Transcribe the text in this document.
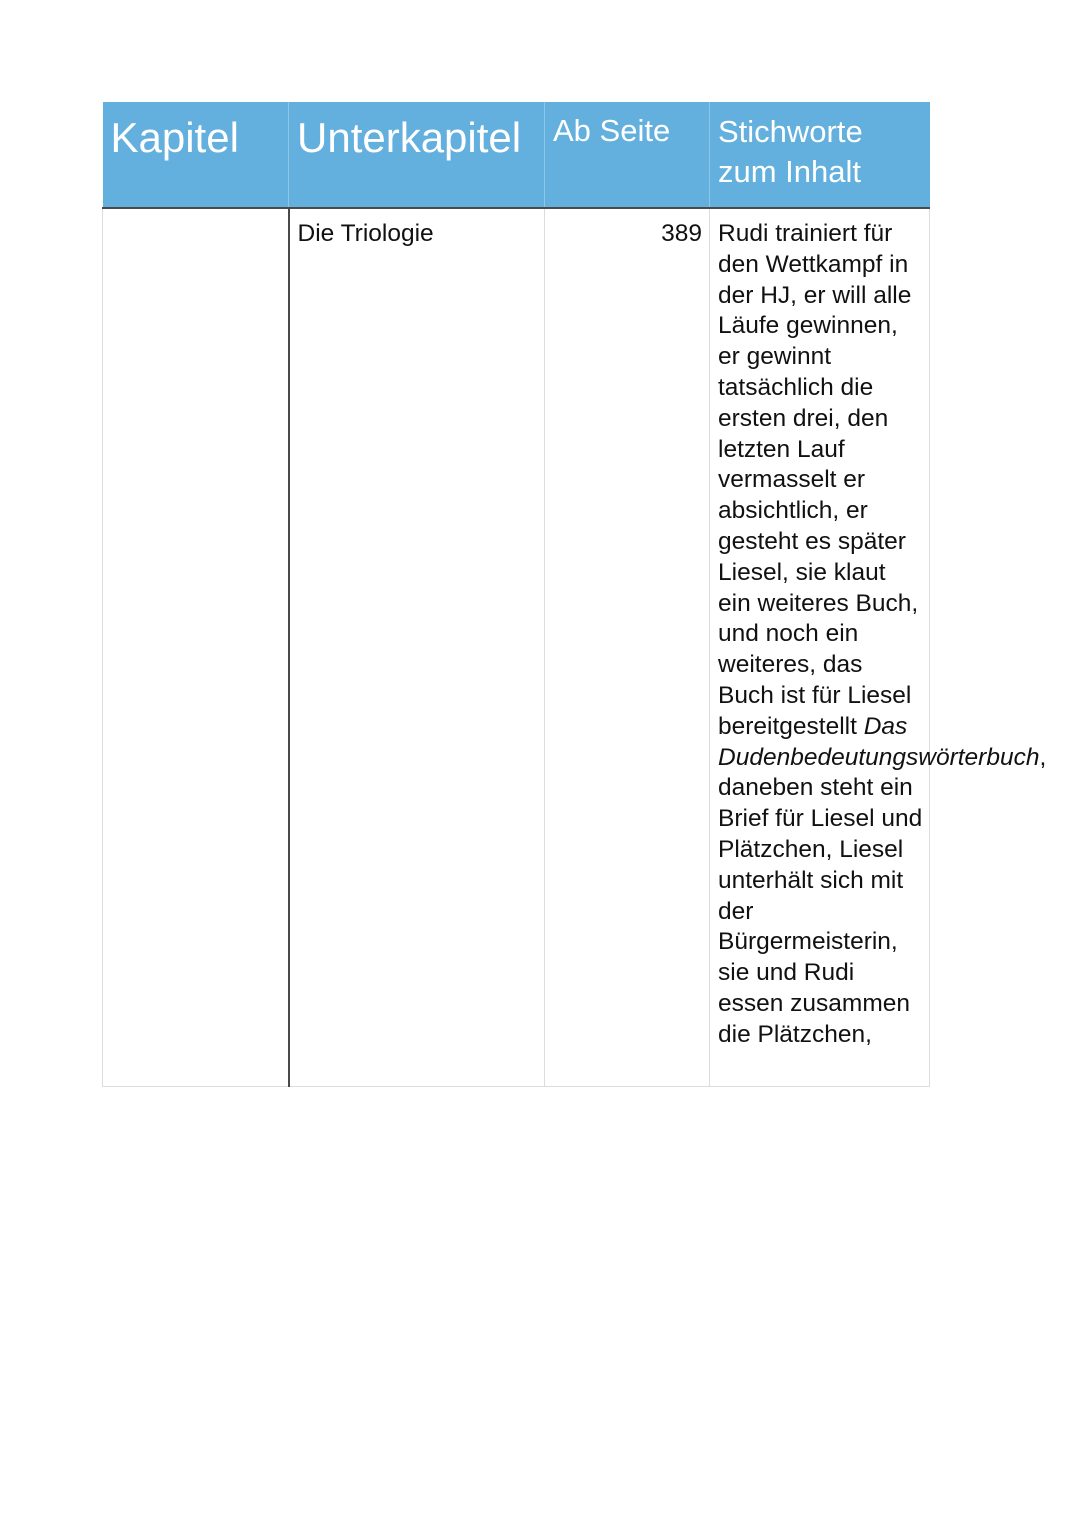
Kapitel	Unterkapitel	Ab Seite	Stichworte zum Inhalt

	Die Triologie	389	Rudi trainiert für den Wettkampf in der HJ, er will alle Läufe gewinnen, er gewinnt tatsächlich die ersten drei, den letzten Lauf vermasselt er absichtlich, er gesteht es später Liesel, sie klaut ein weiteres Buch, und noch ein weiteres, das Buch ist für Liesel bereitgestellt Das Dudenbedeutungswörterbuch, daneben steht ein Brief für Liesel und Plätzchen, Liesel unterhält sich mit der Bürgermeisterin, sie und Rudi essen zusammen die Plätzchen,
